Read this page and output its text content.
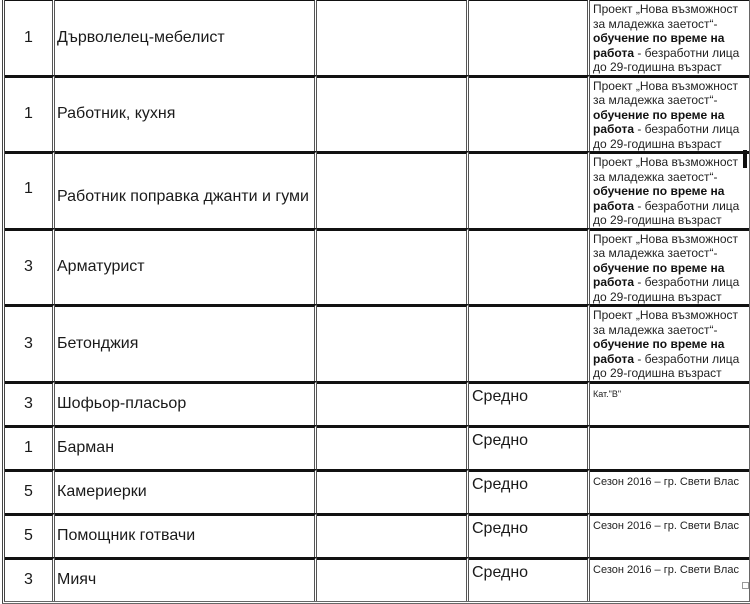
1	Дърволелец-мебелист			Проект „Нова възможност за младежка заетост“- обучение по време на работа - безработни лица до 29-годишна възраст
1	Работник, кухня			Проект „Нова възможност за младежка заетост“- обучение по време на работа - безработни лица до 29-годишна възраст
1	Работник поправка джанти и гуми			Проект „Нова възможност за младежка заетост“- обучение по време на работа - безработни лица до 29-годишна възраст
3	Арматурист			Проект „Нова възможност за младежка заетост“- обучение по време на работа - безработни лица до 29-годишна възраст
3	Бетонджия			Проект „Нова възможност за младежка заетост“- обучение по време на работа - безработни лица до 29-годишна възраст
3	Шофьор-пласьор		Средно	Кат."В"
1	Барман		Средно	
5	Камериерки		Средно	Сезон 2016 – гр. Свети Влас
5	Помощник готвачи		Средно	Сезон 2016 – гр. Свети Влас
3	Мияч		Средно	Сезон 2016 – гр. Свети Влас
